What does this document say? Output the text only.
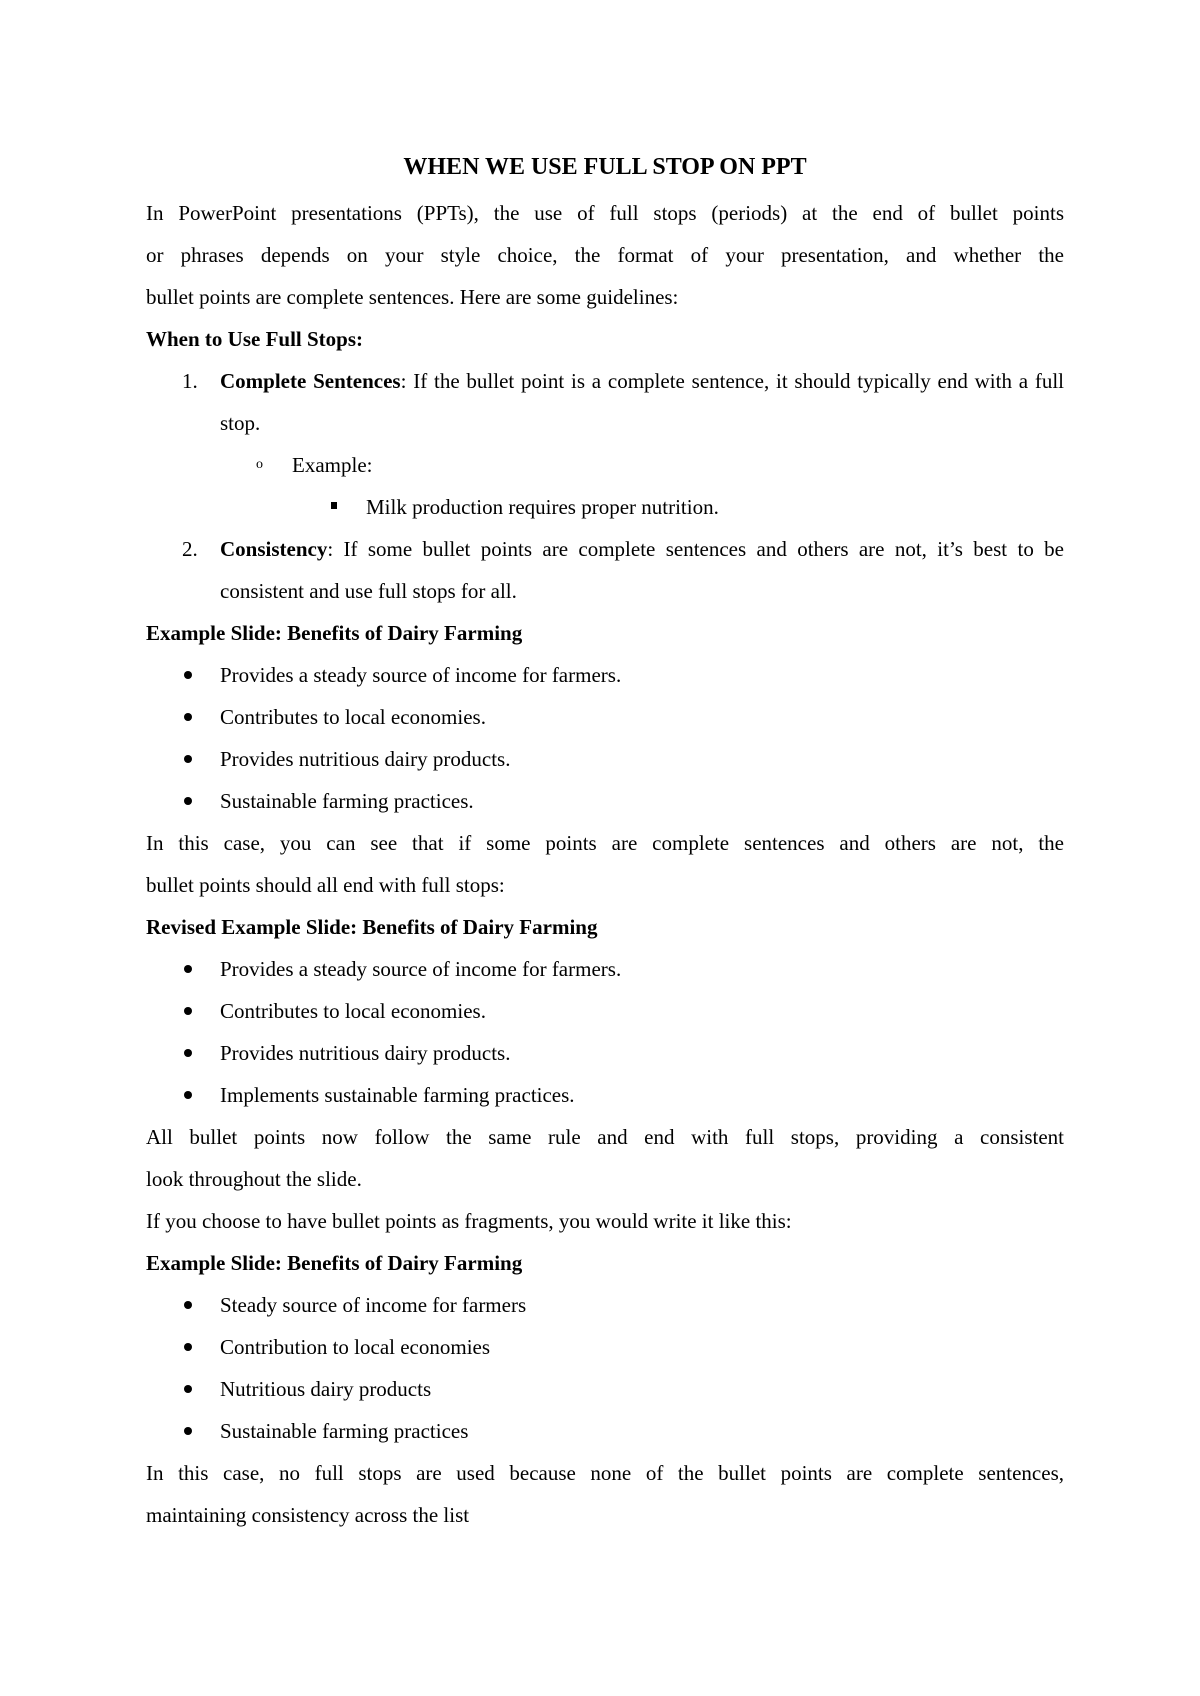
WHEN WE USE FULL STOP ON PPT
In PowerPoint presentations (PPTs), the use of full stops (periods) at the end of bullet points
or phrases depends on your style choice, the format of your presentation, and whether the
bullet points are complete sentences. Here are some guidelines:
When to Use Full Stops:
1. Complete Sentences: If the bullet point is a complete sentence, it should typically end with a full stop.
o Example:
Milk production requires proper nutrition.
2. Consistency: If some bullet points are complete sentences and others are not, it’s best to be consistent and use full stops for all.
Example Slide: Benefits of Dairy Farming
Provides a steady source of income for farmers.
Contributes to local economies.
Provides nutritious dairy products.
Sustainable farming practices.
In this case, you can see that if some points are complete sentences and others are not, the
bullet points should all end with full stops:
Revised Example Slide: Benefits of Dairy Farming
Provides a steady source of income for farmers.
Contributes to local economies.
Provides nutritious dairy products.
Implements sustainable farming practices.
All bullet points now follow the same rule and end with full stops, providing a consistent
look throughout the slide.
If you choose to have bullet points as fragments, you would write it like this:
Example Slide: Benefits of Dairy Farming
Steady source of income for farmers
Contribution to local economies
Nutritious dairy products
Sustainable farming practices
In this case, no full stops are used because none of the bullet points are complete sentences,
maintaining consistency across the list
